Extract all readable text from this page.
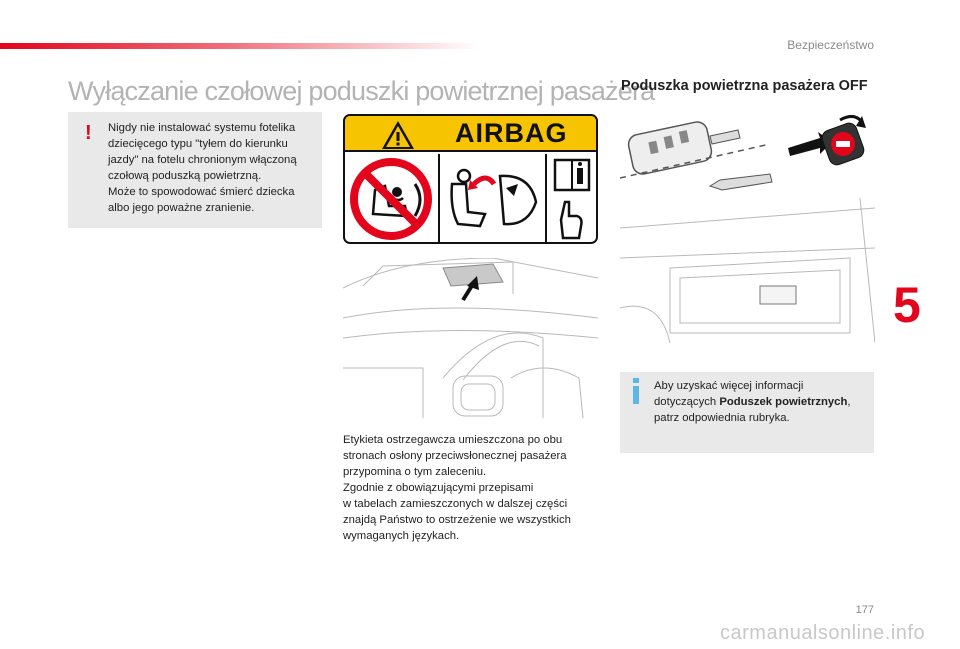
Bezpieczeństwo
Wyłączanie czołowej poduszki powietrznej pasażera
Poduszka powietrzna pasażera OFF
! Nigdy nie instalować systemu fotelika

dziecięcego typu "tyłem do kierunku

jazdy" na fotelu chronionym włączoną

czołową poduszką powietrzną.

Może to spowodować śmierć dziecka

albo jego poważne zranienie.

AIRBAG

Etykieta ostrzegawcza umieszczona po obu

stronach osłony przeciwsłonecznej pasażera

przypomina o tym zaleceniu.

Zgodnie z obowiązującymi przepisami

w tabelach zamieszczonych w dalszej części

znajdą Państwo to ostrzeżenie we wszystkich

wymaganych językach.

Aby uzyskać więcej informacji

dotyczących Poduszek powietrznych,

patrz odpowiednia rubryka.

5
177
carmanualsonline.info
